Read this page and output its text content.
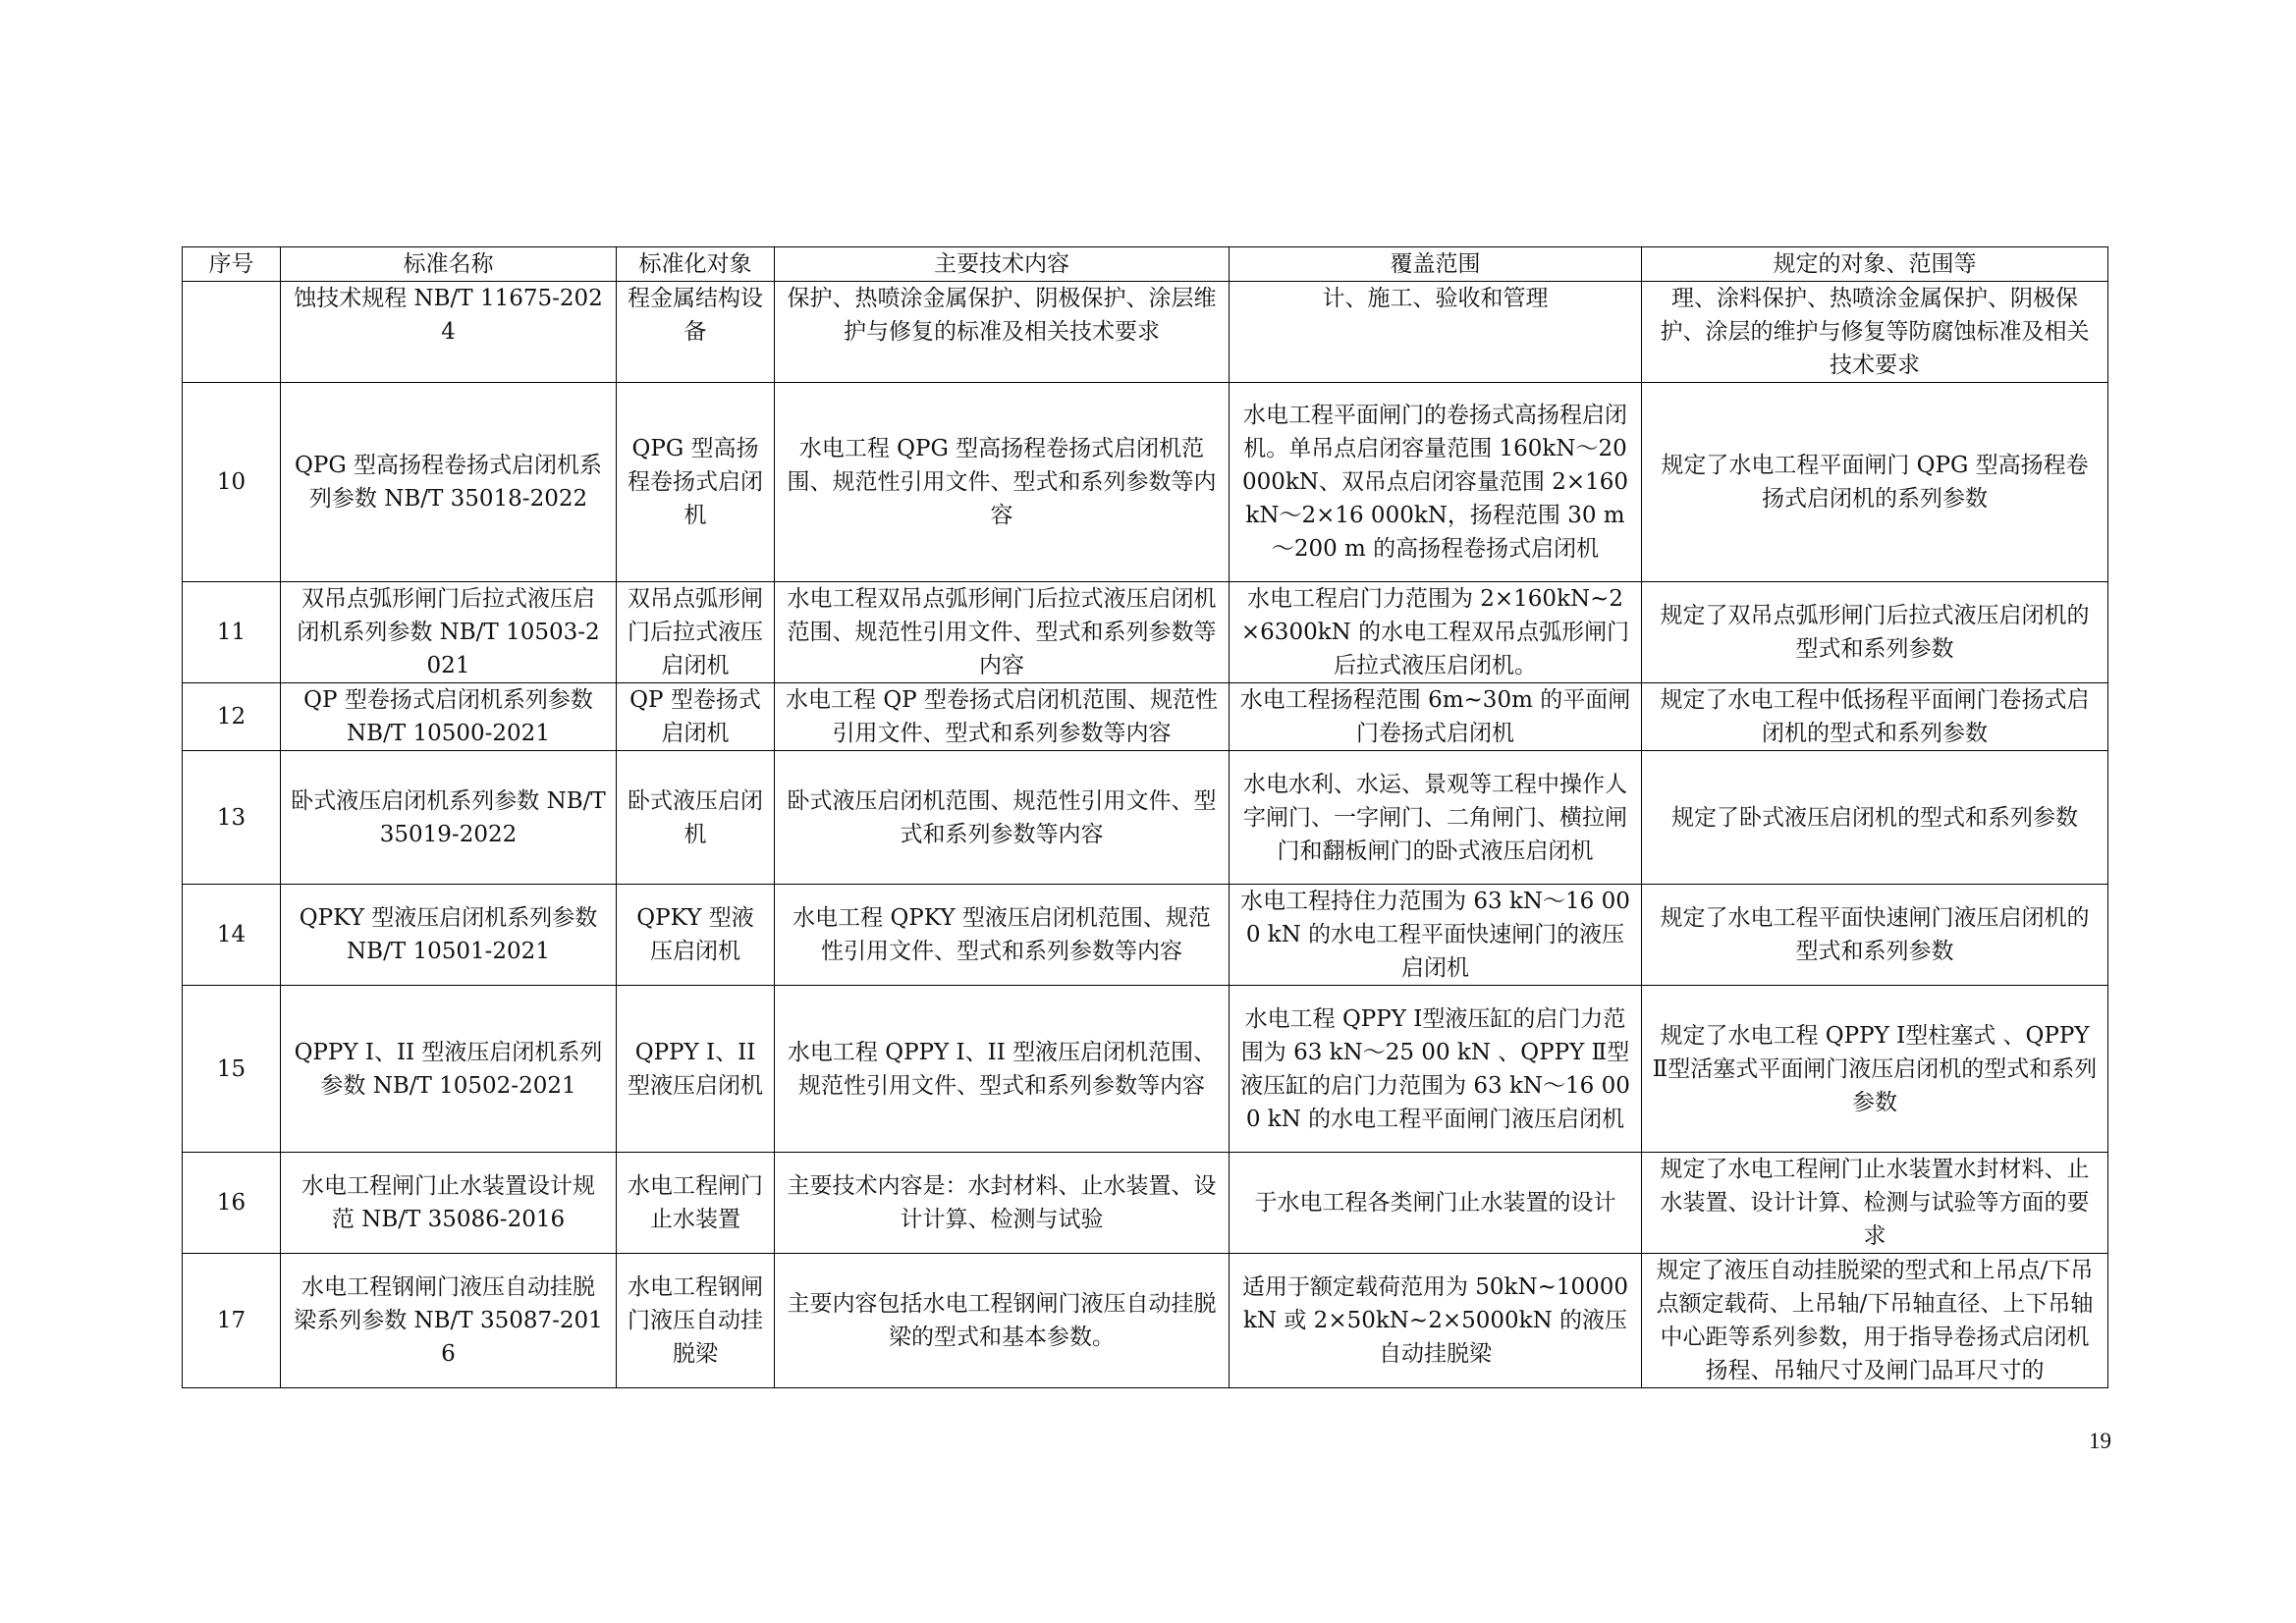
序号	标准名称	标准化对象	主要技术内容	覆盖范围	规定的对象、范围等
	蚀技术规程 NB/T 11675-2024	程金属结构设备	保护、热喷涂金属保护、阴极保护、涂层维护与修复的标准及相关技术要求	计、施工、验收和管理	理、涂料保护、热喷涂金属保护、阴极保护、涂层的维护与修复等防腐蚀标准及相关技术要求
10	QPG 型高扬程卷扬式启闭机系列参数 NB/T 35018-2022	QPG 型高扬程卷扬式启闭机	水电工程 QPG 型高扬程卷扬式启闭机范围、规范性引用文件、型式和系列参数等内容	水电工程平面闸门的卷扬式高扬程启闭机。单吊点启闭容量范围 160kN～20 000kN、双吊点启闭容量范围 2×160kN～2×16 000kN，扬程范围 30 m～200 m 的高扬程卷扬式启闭机	规定了水电工程平面闸门 QPG 型高扬程卷扬式启闭机的系列参数
11	双吊点弧形闸门后拉式液压启闭机系列参数 NB/T 10503-2021	双吊点弧形闸门后拉式液压启闭机	水电工程双吊点弧形闸门后拉式液压启闭机范围、规范性引用文件、型式和系列参数等内容	水电工程启门力范围为 2×160kN~2×6300kN 的水电工程双吊点弧形闸门后拉式液压启闭机。	规定了双吊点弧形闸门后拉式液压启闭机的型式和系列参数
12	QP 型卷扬式启闭机系列参数 NB/T 10500-2021	QP 型卷扬式启闭机	水电工程 QP 型卷扬式启闭机范围、规范性引用文件、型式和系列参数等内容	水电工程扬程范围 6m~30m 的平面闸门卷扬式启闭机	规定了水电工程中低扬程平面闸门卷扬式启闭机的型式和系列参数
13	卧式液压启闭机系列参数 NB/T 35019-2022	卧式液压启闭机	卧式液压启闭机范围、规范性引用文件、型式和系列参数等内容	水电水利、水运、景观等工程中操作人字闸门、一字闸门、二角闸门、横拉闸门和翻板闸门的卧式液压启闭机	规定了卧式液压启闭机的型式和系列参数
14	QPKY 型液压启闭机系列参数 NB/T 10501-2021	QPKY 型液压启闭机	水电工程 QPKY 型液压启闭机范围、规范性引用文件、型式和系列参数等内容	水电工程持住力范围为 63 kN～16 000 kN 的水电工程平面快速闸门的液压启闭机	规定了水电工程平面快速闸门液压启闭机的型式和系列参数
15	QPPY I、II 型液压启闭机系列参数 NB/T 10502-2021	QPPY I、II 型液压启闭机	水电工程 QPPY I、II 型液压启闭机范围、规范性引用文件、型式和系列参数等内容	水电工程 QPPY Ⅰ型液压缸的启门力范围为 63 kN～25 00 kN 、QPPY Ⅱ型液压缸的启门力范围为 63 kN～16 000 kN 的水电工程平面闸门液压启闭机	规定了水电工程 QPPY Ⅰ型柱塞式 、QPPY Ⅱ型活塞式平面闸门液压启闭机的型式和系列参数
16	水电工程闸门止水装置设计规范 NB/T 35086-2016	水电工程闸门止水装置	主要技术内容是：水封材料、止水装置、设计计算、检测与试验	于水电工程各类闸门止水装置的设计	规定了水电工程闸门止水装置水封材料、止水装置、设计计算、检测与试验等方面的要求
17	水电工程钢闸门液压自动挂脱梁系列参数 NB/T 35087-2016	水电工程钢闸门液压自动挂脱梁	主要内容包括水电工程钢闸门液压自动挂脱梁的型式和基本参数。	适用于额定载荷范用为 50kN~10000kN 或 2×50kN~2×5000kN 的液压自动挂脱梁	规定了液压自动挂脱梁的型式和上吊点/下吊点额定载荷、上吊轴/下吊轴直径、上下吊轴中心距等系列参数，用于指导卷扬式启闭机扬程、吊轴尺寸及闸门品耳尺寸的
19
